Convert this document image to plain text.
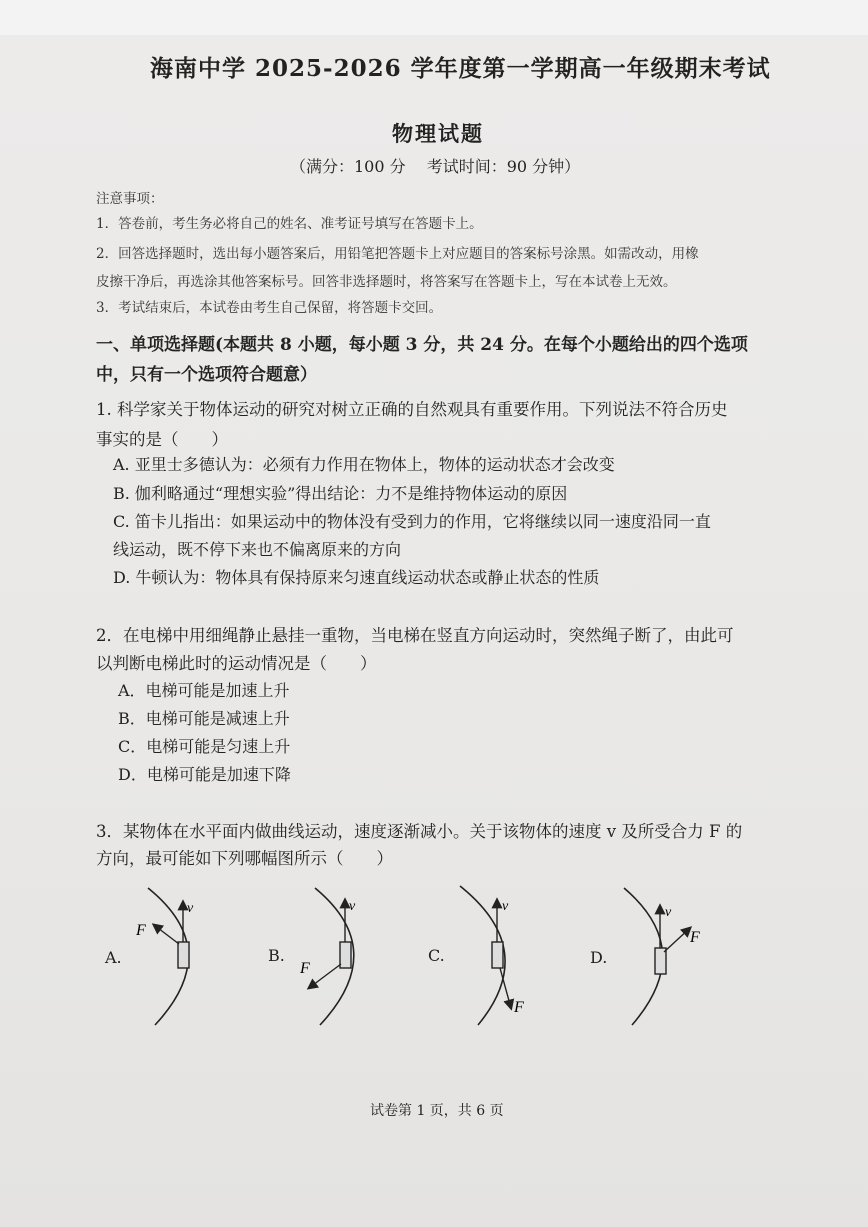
海南中学 2025-2026 学年度第一学期高一年级期末考试
物理试题
（满分：100 分　 考试时间：90 分钟）
注意事项：
1．答卷前，考生务必将自己的姓名、准考证号填写在答题卡上。
2．回答选择题时，选出每小题答案后，用铅笔把答题卡上对应题目的答案标号涂黑。如需改动，用橡
皮擦干净后，再选涂其他答案标号。回答非选择题时，将答案写在答题卡上，写在本试卷上无效。
3．考试结束后，本试卷由考生自己保留，将答题卡交回。
一、单项选择题(本题共 8 小题，每小题 3 分，共 24 分。在每个小题给出的四个选项
中，只有一个选项符合题意）
1. 科学家关于物体运动的研究对树立正确的自然观具有重要作用。下列说法不符合历史
事实的是（　　）
A. 亚里士多德认为：必须有力作用在物体上，物体的运动状态才会改变
B. 伽利略通过“理想实验”得出结论：力不是维持物体运动的原因
C. 笛卡儿指出：如果运动中的物体没有受到力的作用，它将继续以同一速度沿同一直
线运动，既不停下来也不偏离原来的方向
D. 牛顿认为：物体具有保持原来匀速直线运动状态或静止状态的性质
2．在电梯中用细绳静止悬挂一重物，当电梯在竖直方向运动时，突然绳子断了，由此可
以判断电梯此时的运动情况是（　　）
A．电梯可能是加速上升
B．电梯可能是减速上升
C．电梯可能是匀速上升
D．电梯可能是加速下降
3．某物体在水平面内做曲线运动，速度逐渐减小。关于该物体的速度 v 及所受合力 F 的
方向，最可能如下列哪幅图所示（　　）
A.
v
F
B.
v
F
C.
v
F
D.
v
F
试卷第 1 页，共 6 页
